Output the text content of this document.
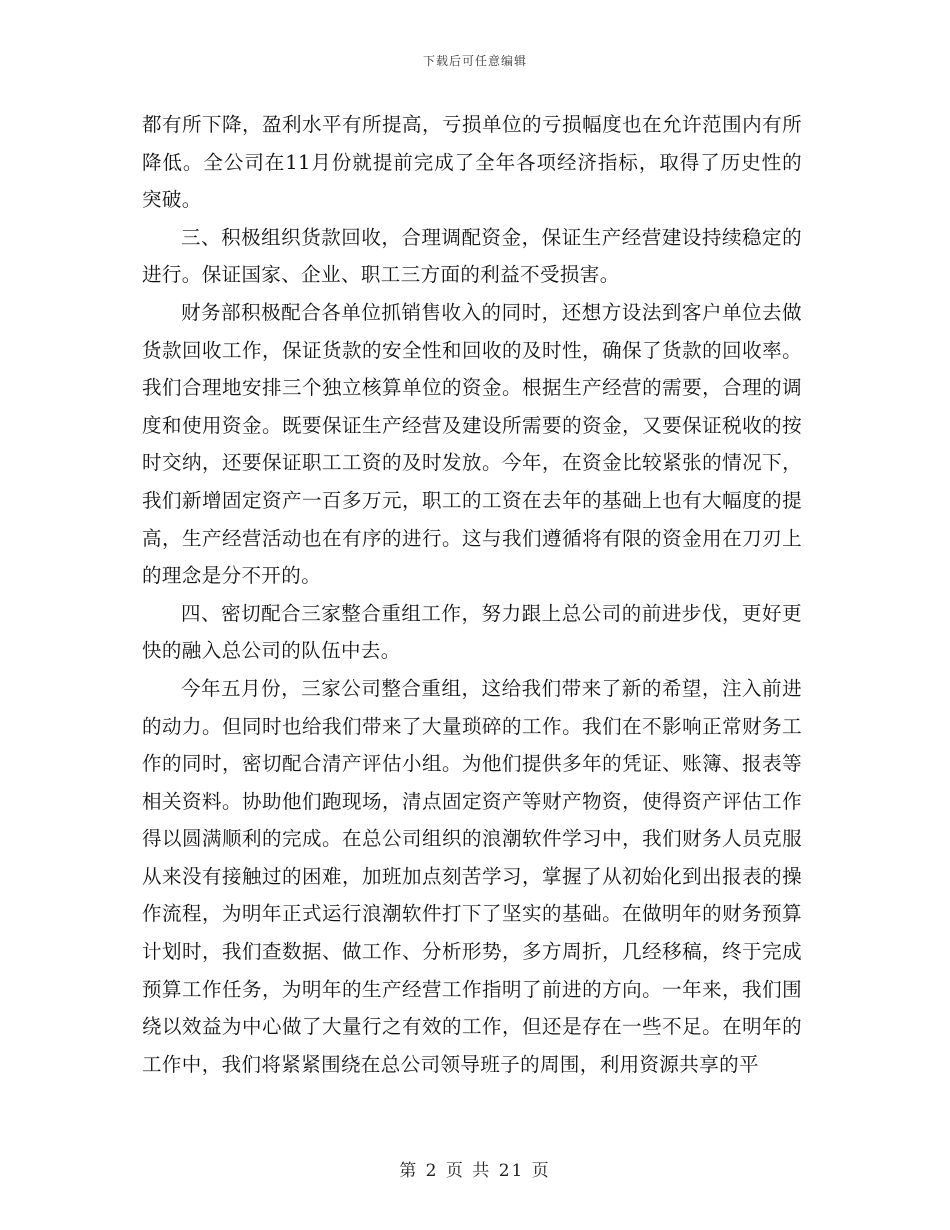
下载后可任意编辑

都有所下降，盈利水平有所提高，亏损单位的亏损幅度也在允许范围内有所降低。全公司在11月份就提前完成了全年各项经济指标，取得了历史性的突破。

三、积极组织货款回收，合理调配资金，保证生产经营建设持续稳定的进行。保证国家、企业、职工三方面的利益不受损害。

财务部积极配合各单位抓销售收入的同时，还想方设法到客户单位去做货款回收工作，保证货款的安全性和回收的及时性，确保了货款的回收率。我们合理地安排三个独立核算单位的资金。根据生产经营的需要，合理的调度和使用资金。既要保证生产经营及建设所需要的资金，又要保证税收的按时交纳，还要保证职工工资的及时发放。今年，在资金比较紧张的情况下，我们新增固定资产一百多万元，职工的工资在去年的基础上也有大幅度的提高，生产经营活动也在有序的进行。这与我们遵循将有限的资金用在刀刃上的理念是分不开的。

四、密切配合三家整合重组工作，努力跟上总公司的前进步伐，更好更快的融入总公司的队伍中去。

今年五月份，三家公司整合重组，这给我们带来了新的希望，注入前进的动力。但同时也给我们带来了大量琐碎的工作。我们在不影响正常财务工作的同时，密切配合清产评估小组。为他们提供多年的凭证、账簿、报表等相关资料。协助他们跑现场，清点固定资产等财产物资，使得资产评估工作得以圆满顺利的完成。在总公司组织的浪潮软件学习中，我们财务人员克服从来没有接触过的困难，加班加点刻苦学习，掌握了从初始化到出报表的操作流程，为明年正式运行浪潮软件打下了坚实的基础。在做明年的财务预算计划时，我们查数据、做工作、分析形势，多方周折，几经移稿，终于完成预算工作任务，为明年的生产经营工作指明了前进的方向。一年来，我们围绕以效益为中心做了大量行之有效的工作，但还是存在一些不足。在明年的工作中，我们将紧紧围绕在总公司领导班子的周围，利用资源共享的平

第 2 页 共 21 页
